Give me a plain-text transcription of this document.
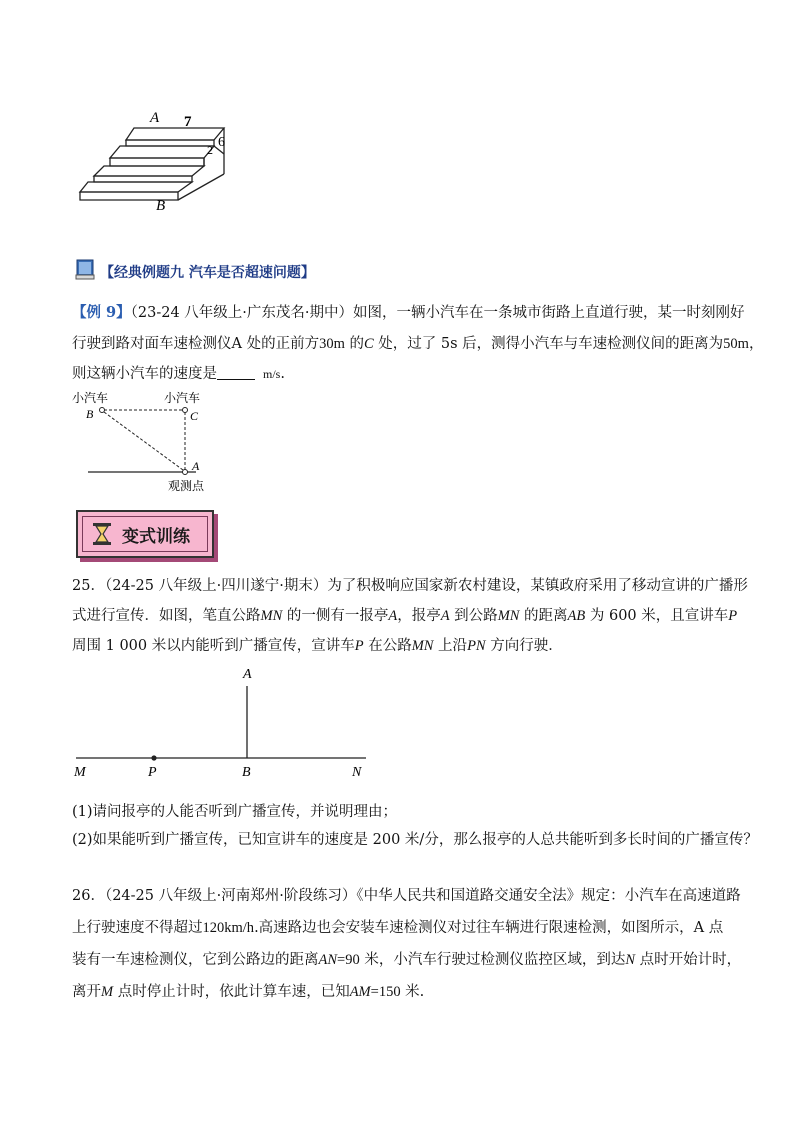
A 7
2 6
B
【经典例题九 汽车是否超速问题】
【例 9】（23-24 八年级上·广东茂名·期中）如图，一辆小汽车在一条城市街路上直道行驶，某一时刻刚好
行驶到路对面车速检测仪A 处的正前方30m 的C 处，过了 5s 后，测得小汽车与车速检测仪间的距离为50m，
则这辆小汽车的速度是	m/s.
小汽车	小汽车
B	C
A
观测点
变式训练
25．（24-25 八年级上·四川遂宁·期末）为了积极响应国家新农村建设，某镇政府采用了移动宣讲的广播形
式进行宣传．如图，笔直公路MN 的一侧有一报亭A，报亭A 到公路MN 的距离AB 为 600 米，且宣讲车P
周围 1 000 米以内能听到广播宣传，宣讲车P 在公路MN 上沿PN 方向行驶．
A
M	P	B	N
(1)请问报亭的人能否听到广播宣传，并说明理由；
(2)如果能听到广播宣传，已知宣讲车的速度是 200 米/分，那么报亭的人总共能听到多长时间的广播宣传？
26．（24-25 八年级上·河南郑州·阶段练习）《中华人民共和国道路交通安全法》规定：小汽车在高速道路
上行驶速度不得超过120km/h.高速路边也会安装车速检测仪对过往车辆进行限速检测，如图所示，A 点
装有一车速检测仪，它到公路边的距离AN=90 米，小汽车行驶过检测仪监控区域，到达N 点时开始计时，
离开M 点时停止计时，依此计算车速，已知AM=150 米.
